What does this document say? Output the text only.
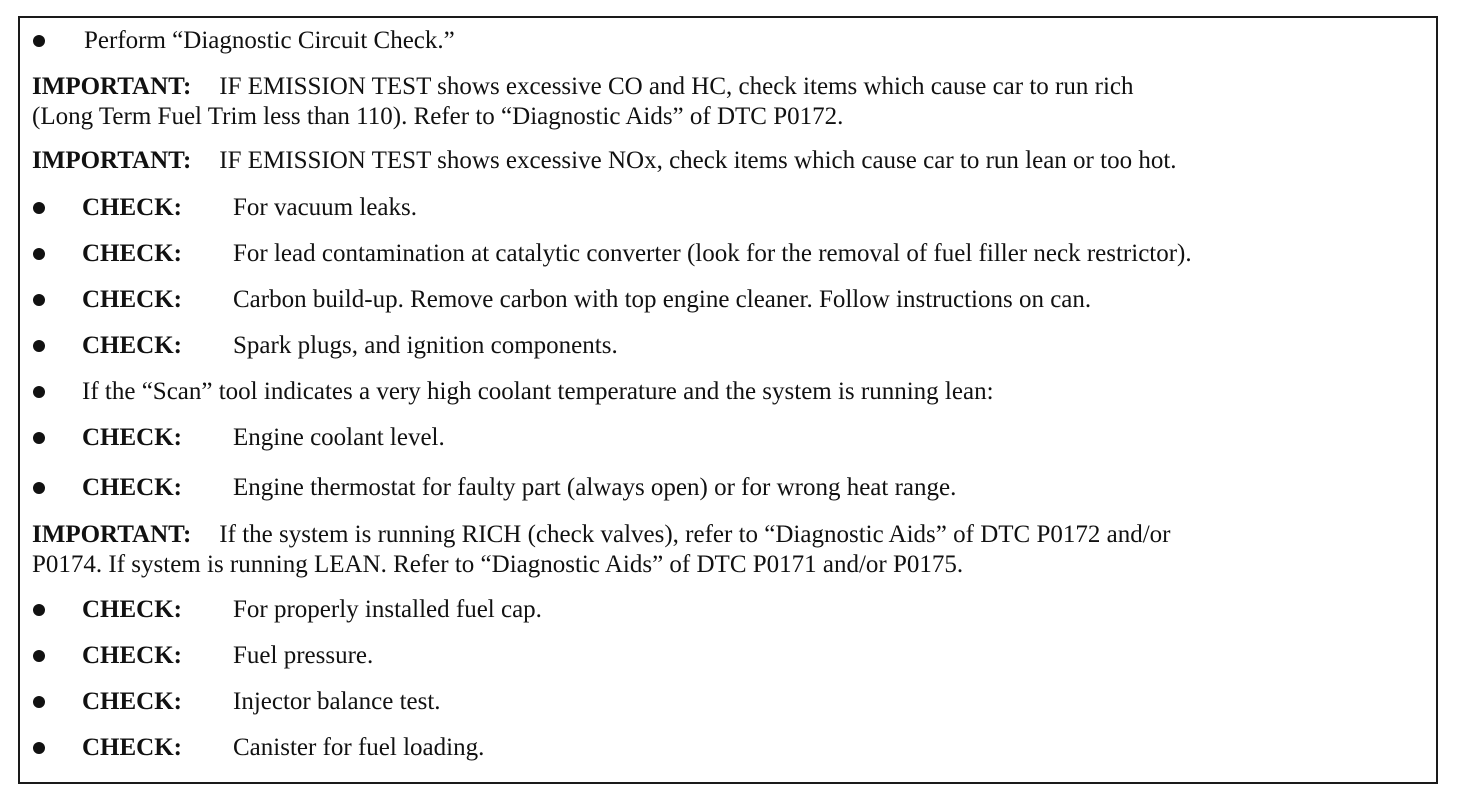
Perform “Diagnostic Circuit Check.”
IMPORTANT: IF EMISSION TEST shows excessive CO and HC, check items which cause car to run rich
(Long Term Fuel Trim less than 110). Refer to “Diagnostic Aids” of DTC P0172.
IMPORTANT: IF EMISSION TEST shows excessive NOx, check items which cause car to run lean or too hot.
CHECK: For vacuum leaks.
CHECK: For lead contamination at catalytic converter (look for the removal of fuel filler neck restrictor).
CHECK: Carbon build-up. Remove carbon with top engine cleaner. Follow instructions on can.
CHECK: Spark plugs, and ignition components.
If the “Scan” tool indicates a very high coolant temperature and the system is running lean:
CHECK: Engine coolant level.
CHECK: Engine thermostat for faulty part (always open) or for wrong heat range.
IMPORTANT: If the system is running RICH (check valves), refer to “Diagnostic Aids” of DTC P0172 and/or
P0174. If system is running LEAN. Refer to “Diagnostic Aids” of DTC P0171 and/or P0175.
CHECK: For properly installed fuel cap.
CHECK: Fuel pressure.
CHECK: Injector balance test.
CHECK: Canister for fuel loading.
